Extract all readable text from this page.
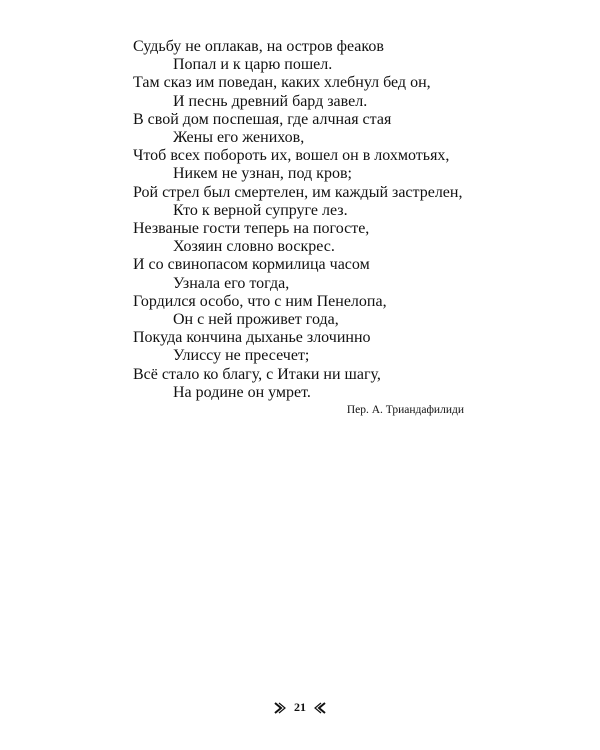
Судьбу не оплакав, на остров феаков
Попал и к царю пошел.
Там сказ им поведан, каких хлебнул бед он,
И песнь древний бард завел.
В свой дом поспешая, где алчная стая
Жены его женихов,
Чтоб всех побороть их, вошел он в лохмотьях,
Никем не узнан, под кров;
Рой стрел был смертелен, им каждый застрелен,
Кто к верной супруге лез.
Незваные гости теперь на погосте,
Хозяин словно воскрес.
И со свинопасом кормилица часом
Узнала его тогда,
Гордился особо, что с ним Пенелопа,
Он с ней проживет года,
Покуда кончина дыханье злочинно
Улиссу не пресечет;
Всё стало ко благу, с Итаки ни шагу,
На родине он умрет.
Пер. А. Триандафилиди
21
